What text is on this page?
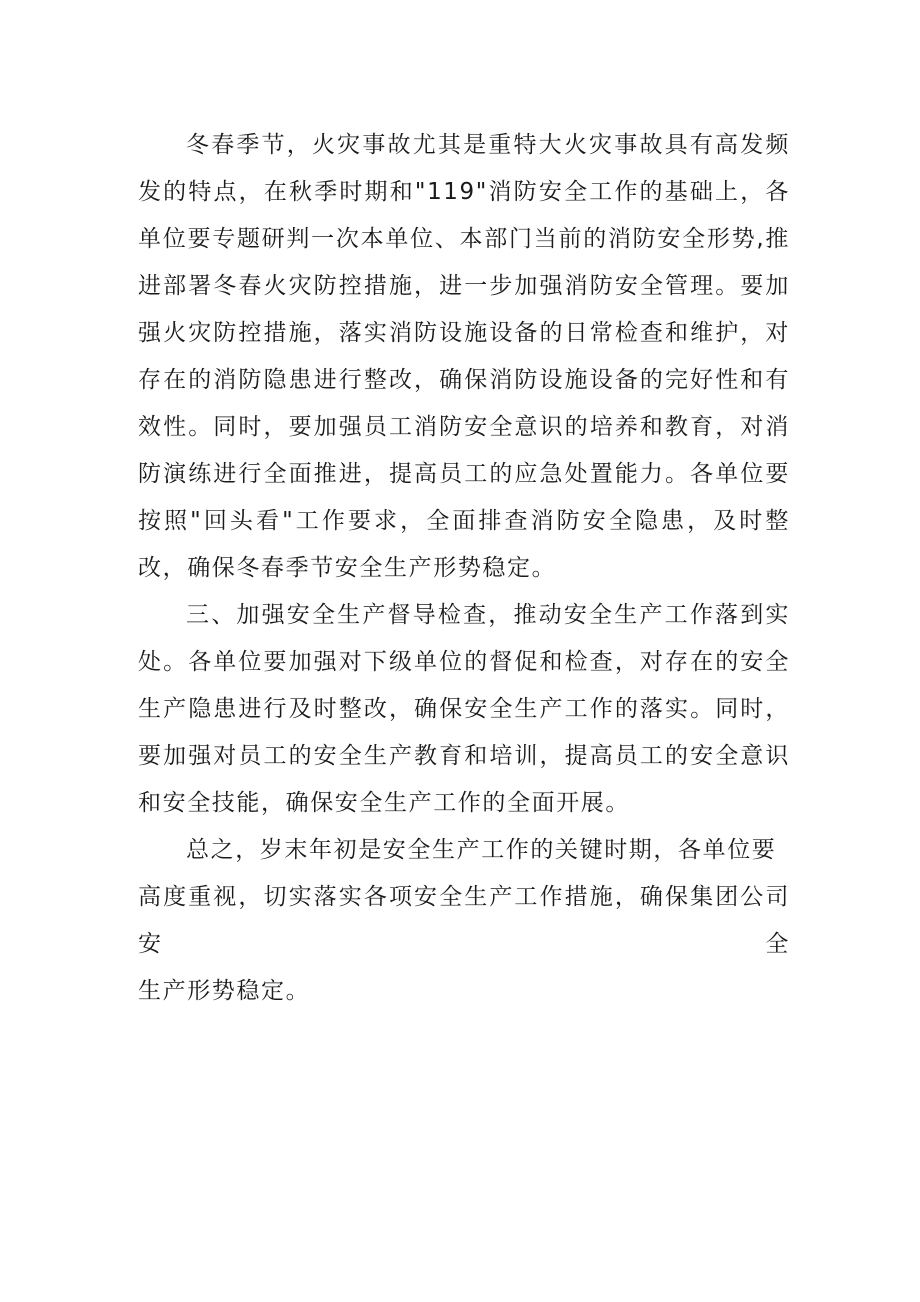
冬春季节，火灾事故尤其是重特大火灾事故具有高发频发的特点，在秋季时期和"119"消防安全工作的基础上，各单位要专题研判一次本单位、本部门当前的消防安全形势,推进部署冬春火灾防控措施，进一步加强消防安全管理。要加强火灾防控措施，落实消防设施设备的日常检查和维护，对存在的消防隐患进行整改，确保消防设施设备的完好性和有效性。同时，要加强员工消防安全意识的培养和教育，对消防演练进行全面推进，提高员工的应急处置能力。各单位要按照"回头看"工作要求，全面排查消防安全隐患，及时整改，确保冬春季节安全生产形势稳定。

三、加强安全生产督导检查，推动安全生产工作落到实处。各单位要加强对下级单位的督促和检查，对存在的安全生产隐患进行及时整改，确保安全生产工作的落实。同时，要加强对员工的安全生产教育和培训，提高员工的安全意识和安全技能，确保安全生产工作的全面开展。

总之，岁末年初是安全生产工作的关键时期，各单位要

高度重视，切实落实各项安全生产工作措施，确保集团公司安全

生产形势稳定。
